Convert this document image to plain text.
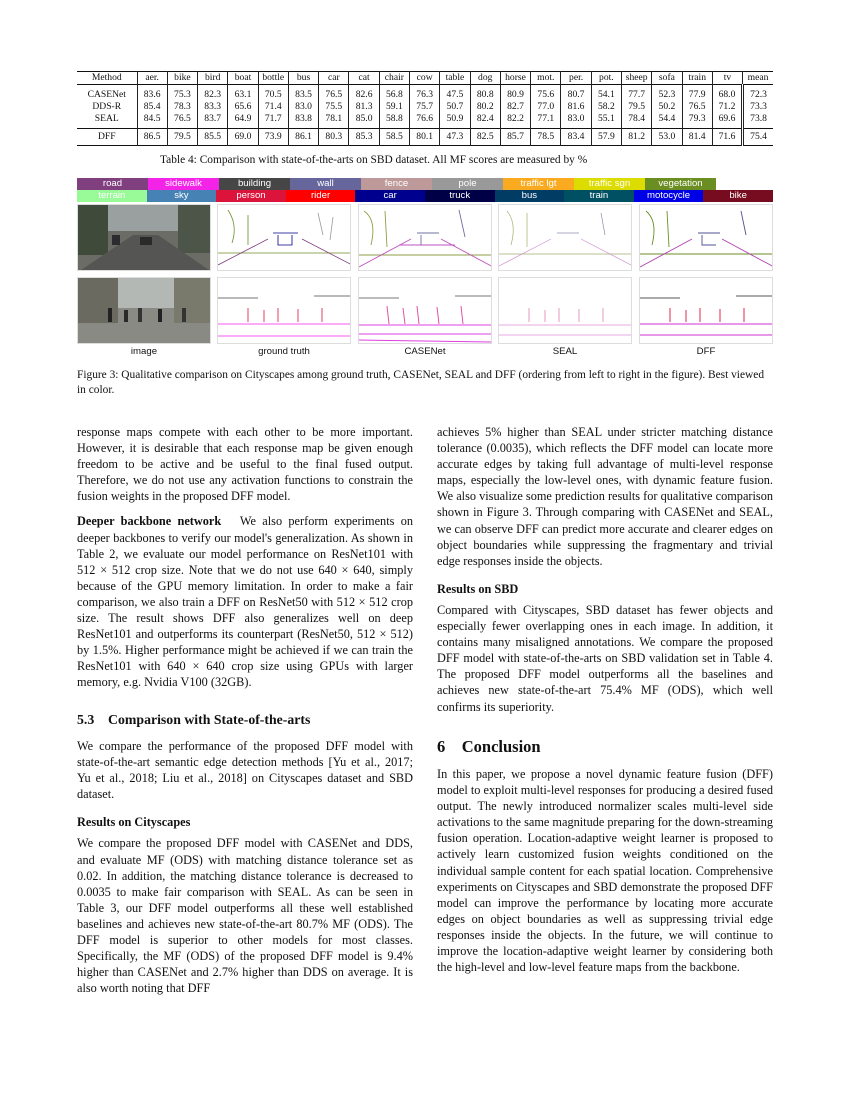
Method	aer.	bike	bird	boat	bottle	bus	car	cat	chair	cow	table	dog	horse	mot.	per.	pot.	sheep	sofa	train	tv	mean
CASENet	83.6	75.3	82.3	63.1	70.5	83.5	76.5	82.6	56.8	76.3	47.5	80.8	80.9	75.6	80.7	54.1	77.7	52.3	77.9	68.0	72.3
DDS-R	85.4	78.3	83.3	65.6	71.4	83.0	75.5	81.3	59.1	75.7	50.7	80.2	82.7	77.0	81.6	58.2	79.5	50.2	76.5	71.2	73.3
SEAL	84.5	76.5	83.7	64.9	71.7	83.8	78.1	85.0	58.8	76.6	50.9	82.4	82.2	77.1	83.0	55.1	78.4	54.4	79.3	69.6	73.8
DFF	86.5	79.5	85.5	69.0	73.9	86.1	80.3	85.3	58.5	80.1	47.3	82.5	85.7	78.5	83.4	57.9	81.2	53.0	81.4	71.6	75.4
Table 4: Comparison with state-of-the-arts on SBD dataset. All MF scores are measured by %
road	sidewalk	building	wall	fence	pole	traffic lgt	traffic sgn	vegetation
terrain	sky	person	rider	car	truck	bus	train	motocycle	bike
image	ground truth	CASENet	SEAL	DFF
Figure 3: Qualitative comparison on Cityscapes among ground truth, CASENet, SEAL and DFF (ordering from left to right in the figure). Best viewed in color.

response maps compete with each other to be more important. However, it is desirable that each response map be given enough freedom to be active and be useful to the final fused output. Therefore, we do not use any activation functions to constrain the fusion weights in the proposed DFF model.

Deeper backbone network We also perform experiments on deeper backbones to verify our model's generalization. As shown in Table 2, we evaluate our model performance on ResNet101 with 512 × 512 crop size. Note that we do not use 640 × 640, simply because of the GPU memory limitation. In order to make a fair comparison, we also train a DFF on ResNet50 with 512 × 512 crop size. The result shows DFF also generalizes well on deep ResNet101 and outperforms its counterpart (ResNet50, 512 × 512) by 1.5%. Higher performance might be achieved if we can train the ResNet101 with 640 × 640 crop size using GPUs with larger memory, e.g. Nvidia V100 (32GB).

5.3 Comparison with State-of-the-arts

We compare the performance of the proposed DFF model with state-of-the-art semantic edge detection methods [Yu et al., 2017; Yu et al., 2018; Liu et al., 2018] on Cityscapes dataset and SBD dataset.

Results on Cityscapes

We compare the proposed DFF model with CASENet and DDS, and evaluate MF (ODS) with matching distance tolerance set as 0.02. In addition, the matching distance tolerance is decreased to 0.0035 to make fair comparison with SEAL. As can be seen in Table 3, our DFF model outperforms all these well established baselines and achieves new state-of-the-art 80.7% MF (ODS). The DFF model is superior to other models for most classes. Specifically, the MF (ODS) of the proposed DFF model is 9.4% higher than CASENet and 2.7% higher than DDS on average. It is also worth noting that DFF

achieves 5% higher than SEAL under stricter matching distance tolerance (0.0035), which reflects the DFF model can locate more accurate edges by taking full advantage of multi-level response maps, especially the low-level ones, with dynamic feature fusion. We also visualize some prediction results for qualitative comparison shown in Figure 3. Through comparing with CASENet and SEAL, we can observe DFF can predict more accurate and clearer edges on object boundaries while suppressing the fragmentary and trivial edge responses inside the objects.

Results on SBD

Compared with Cityscapes, SBD dataset has fewer objects and especially fewer overlapping ones in each image. In addition, it contains many misaligned annotations. We compare the proposed DFF model with state-of-the-arts on SBD validation set in Table 4. The proposed DFF model outperforms all the baselines and achieves new state-of-the-art 75.4% MF (ODS), which well confirms its superiority.

6 Conclusion

In this paper, we propose a novel dynamic feature fusion (DFF) model to exploit multi-level responses for producing a desired fused output. The newly introduced normalizer scales multi-level side activations to the same magnitude preparing for the down-streaming fusion operation. Location-adaptive weight learner is proposed to actively learn customized fusion weights conditioned on the individual sample content for each spatial location. Comprehensive experiments on Cityscapes and SBD demonstrate the proposed DFF model can improve the performance by locating more accurate edges on object boundaries as well as suppressing trivial edge responses inside the objects. In the future, we will continue to improve the location-adaptive weight learner by considering both the high-level and low-level feature maps from the backbone.
